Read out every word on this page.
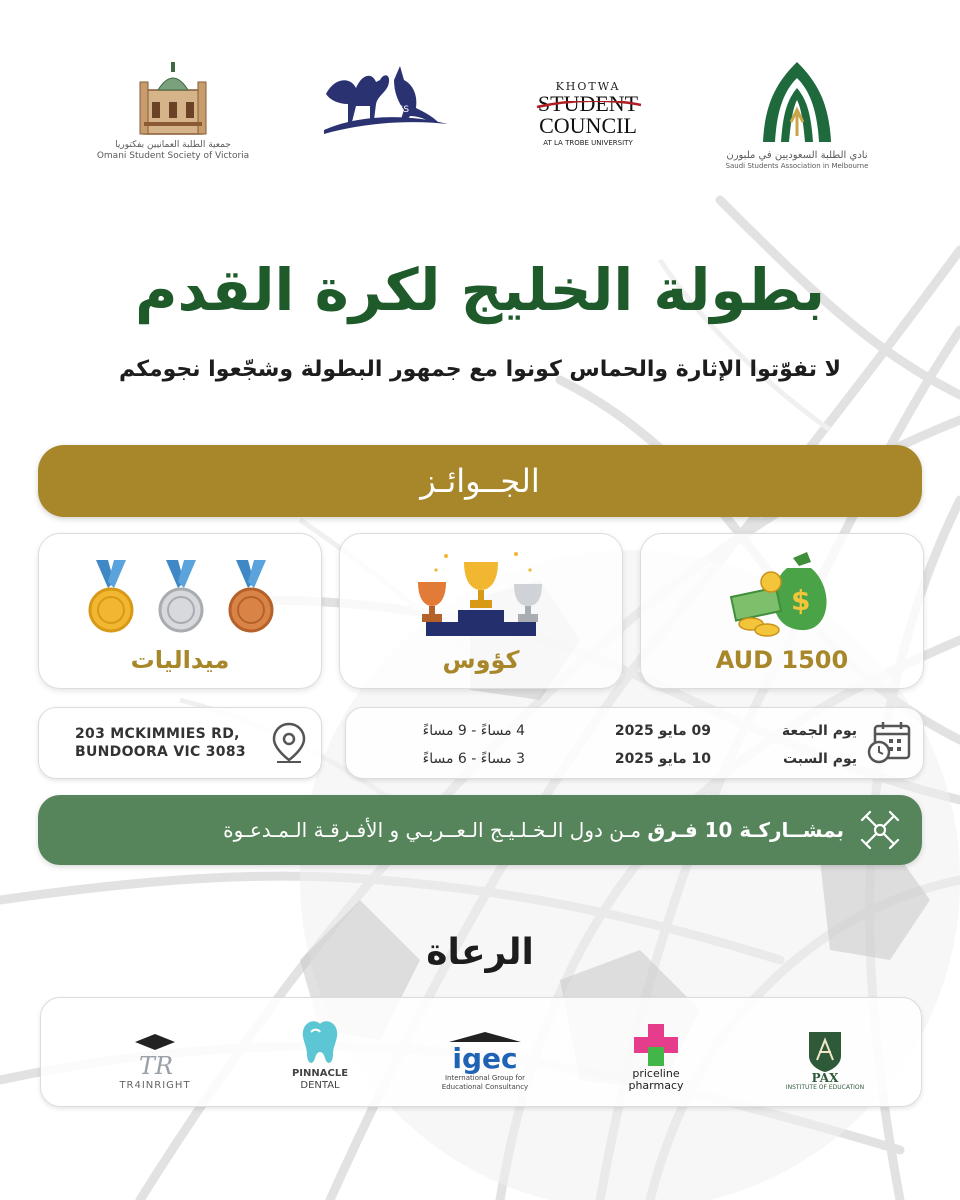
جمعية الطلبة العمانيين بفكتوريا
Omani Student Society of Victoria
KMSS
KHOTWA
STUDENT
COUNCIL
AT LA TROBE UNIVERSITY
نادي الطلبة السعوديين في ملبورن
Saudi Students Association in Melbourne
بطولة الخليج لكرة القدم
لا تفوّتوا الإثارة والحماس كونوا مع جمهور البطولة وشجّعوا نجومكم
الجــوائـز
ميداليات	كؤوس
$
AUD 1500
203 MCKIMMIES RD,
BUNDOORA VIC 3083
يوم الجمعة
09 مايو 2025
4 مساءً - 9 مساءً
يوم السبت
10 مايو 2025
3 مساءً - 6 مساءً
بمشــاركـة 10 فـرق مـن دول الـخـلـيـج الـعــربـي و الأفـرقـة الـمـدعـوة
الرعاة
TR
TR4INRIGHT
PINNACLE
DENTAL
igec
International Group for
Educational Consultancy
priceline
pharmacy
PAX
INSTITUTE OF EDUCATION
